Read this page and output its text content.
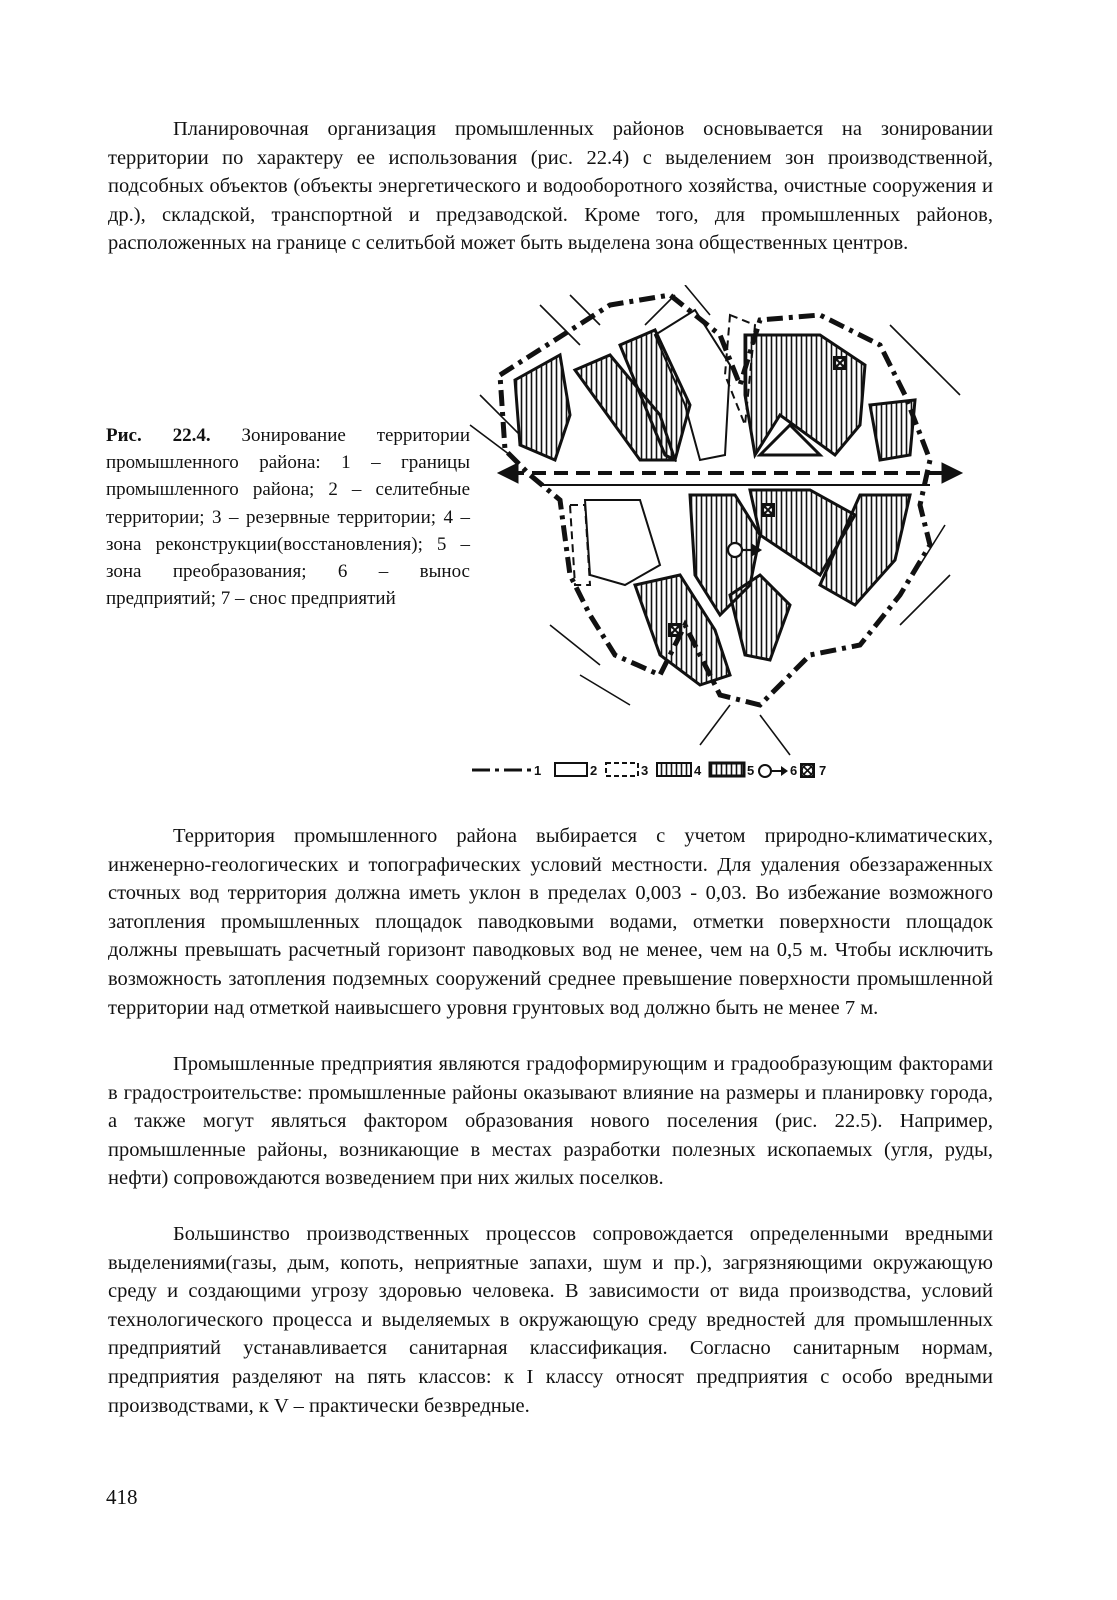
Планировочная организация промышленных районов основывается на зонировании территории по характеру ее использования (рис. 22.4) с выделением зон производственной, подсобных объектов (объекты энергетического и водооборотного хозяйства, очистные сооружения и др.), складской, транспортной и предзаводской. Кроме того, для промышленных районов, расположенных на границе с селитьбой может быть выделена зона общественных центров.

Рис. 22.4. Зонирование территории промышленного района: 1 – границы промышленного района; 2 – селитебные территории; 3 – резервные территории; 4 – зона реконструкции(восстановления); 5 – зона преобразования; 6 – вынос предприятий; 7 – снос предприятий

1	2	3	4	5	6 7

Территория промышленного района выбирается с учетом природно-климатических, инженерно-геологических и топографических условий местности. Для удаления обеззараженных сточных вод территория должна иметь уклон в пределах 0,003 - 0,03. Во избежание возможного затопления промышленных площадок паводковыми водами, отметки поверхности площадок должны превышать расчетный горизонт паводковых вод не менее, чем на 0,5 м. Чтобы исключить возможность затопления подземных сооружений среднее превышение поверхности промышленной территории над отметкой наивысшего уровня грунтовых вод должно быть не менее 7 м.

Промышленные предприятия являются градоформирующим и градообразующим факторами в градостроительстве: промышленные районы оказывают влияние на размеры и планировку города, а также могут являться фактором образования нового поселения (рис. 22.5). Например, промышленные районы, возникающие в местах разработки полезных ископаемых (угля, руды, нефти) сопровождаются возведением при них жилых поселков.

Большинство производственных процессов сопровождается определенными вредными выделениями(газы, дым, копоть, неприятные запахи, шум и пр.), загрязняющими окружающую среду и создающими угрозу здоровью человека. В зависимости от вида производства, условий технологического процесса и выделяемых в окружающую среду вредностей для промышленных предприятий устанавливается санитарная классификация. Согласно санитарным нормам, предприятия разделяют на пять классов: к I классу относят предприятия с особо вредными производствами, к V – практически безвредные.

418
